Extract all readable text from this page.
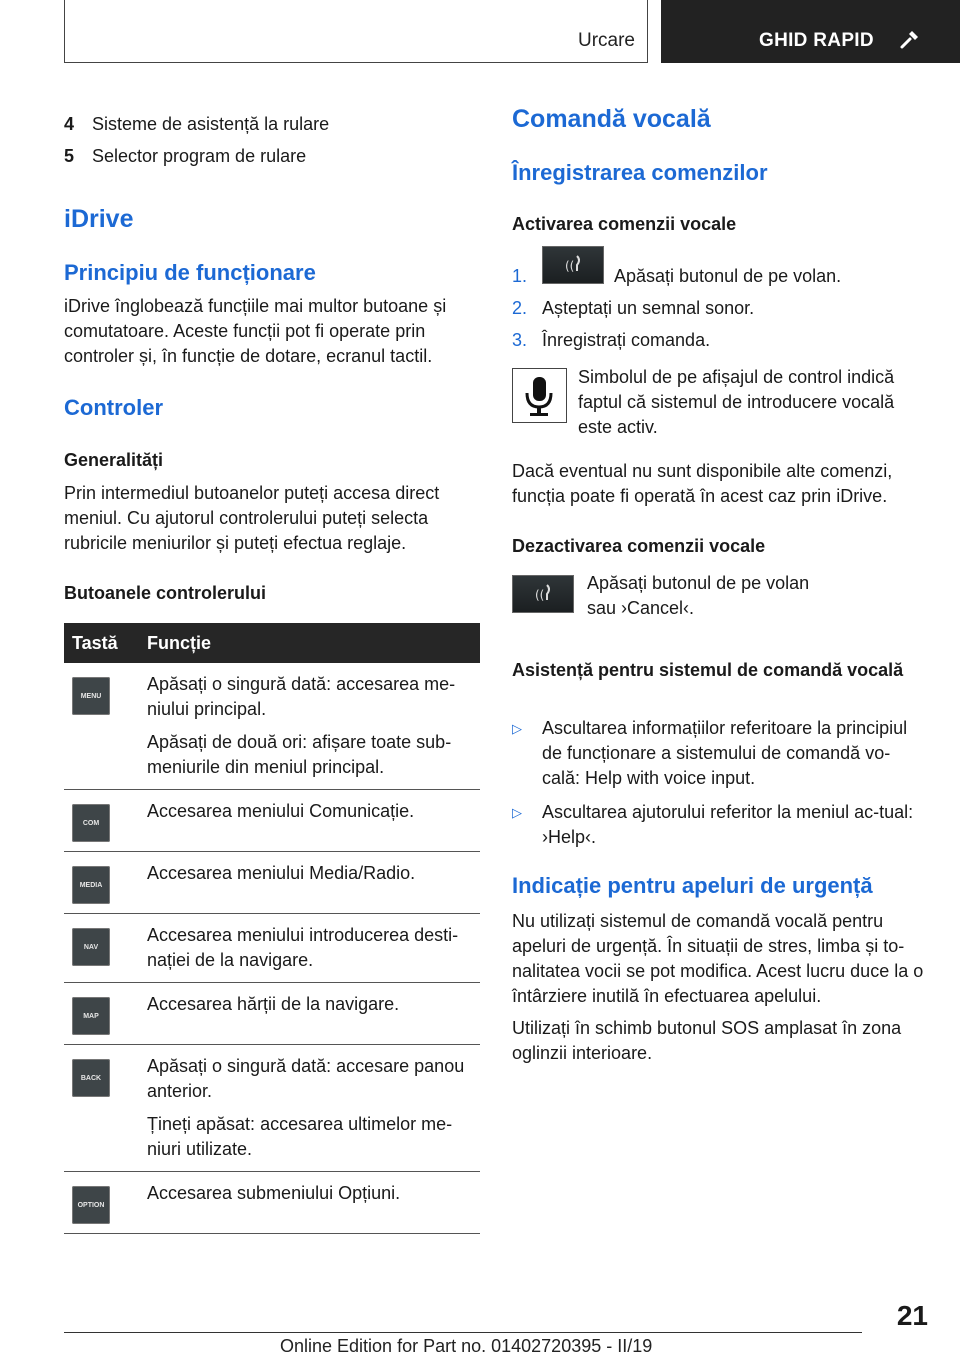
Urcare	GHID RAPID
4 Sisteme de asistență la rulare
5 Selector program de rulare
iDrive
Principiu de funcționare
iDrive înglobează funcțiile mai multor butoane și comutatoare. Aceste funcții pot fi operate prin controler și, în funcție de dotare, ecranul tactil.
Controler
Generalități
Prin intermediul butoanelor puteți accesa direct meniul. Cu ajutorul controlerului puteți selecta rubricile meniurilor și puteți efectua reglaje.
Butoanele controlerului
Tastă	Funcție

MENU	Apăsați o singură dată: accesarea me-niului principal.

Apăsați de două ori: afișare toate sub-meniurile din meniul principal.

COM	Accesarea meniului Comunicație.

MEDIA	Accesarea meniului Media/Radio.

NAV	Accesarea meniului introducerea desti-nației de la navigare.

MAP	Accesarea hărții de la navigare.

BACK	Apăsați o singură dată: accesare panou anterior.

Țineți apăsat: accesarea ultimelor me-niuri utilizate.

OPTION	Accesarea submeniului Opțiuni.

Comandă vocală
Înregistrarea comenzilor
Activarea comenzii vocale
1.	(( Apăsați butonul de pe volan.
2. Așteptați un semnal sonor.
3. Înregistrați comanda.
Simbolul de pe afișajul de control indică faptul că sistemul de introducere vocală este activ.
Dacă eventual nu sunt disponibile alte comenzi, funcția poate fi operată în acest caz prin iDrive.
Dezactivarea comenzii vocale
((
Apăsați butonul de pe volan
sau ›Cancel‹.
Asistență pentru sistemul de comandă vocală
▷ Ascultarea informațiilor referitoare la principiul de funcționare a sistemului de comandă vo-cală: Help with voice input.
▷ Ascultarea ajutorului referitor la meniul ac-tual: ›Help‹.
Indicație pentru apeluri de urgență
Nu utilizați sistemul de comandă vocală pentru apeluri de urgență. În situații de stres, limba și to-nalitatea vocii se pot modifica. Acest lucru duce la o întârziere inutilă în efectuarea apelului.
Utilizați în schimb butonul SOS amplasat în zona oglinzii interioare.
21
Online Edition for Part no. 01402720395 - II/19
